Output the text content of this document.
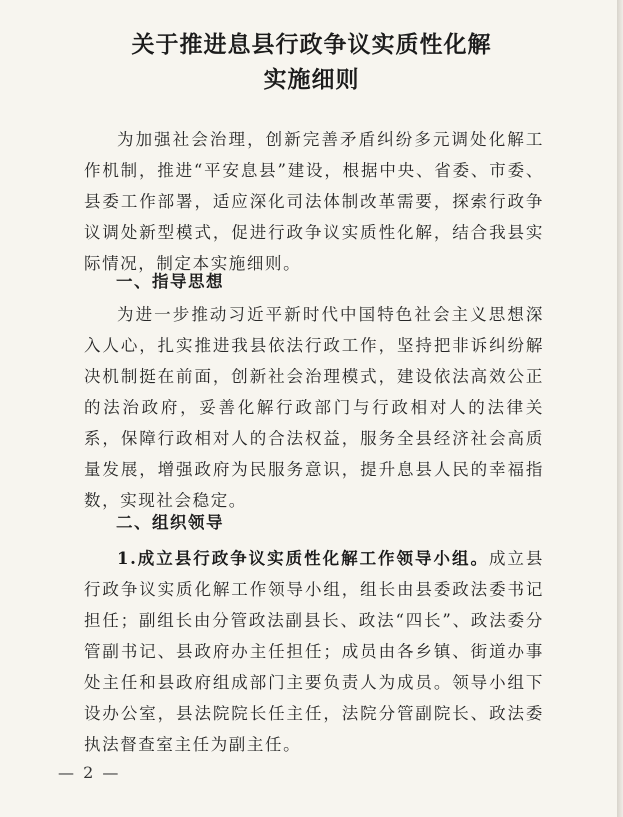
关于推进息县行政争议实质性化解
实施细则

为加强社会治理，创新完善矛盾纠纷多元调处化解工作机制，推进“平安息县”建设，根据中央、省委、市委、县委工作部署，适应深化司法体制改革需要，探索行政争议调处新型模式，促进行政争议实质性化解，结合我县实际情况，制定本实施细则。

一、指导思想

为进一步推动习近平新时代中国特色社会主义思想深入人心，扎实推进我县依法行政工作，坚持把非诉纠纷解决机制挺在前面，创新社会治理模式，建设依法高效公正的法治政府，妥善化解行政部门与行政相对人的法律关系，保障行政相对人的合法权益，服务全县经济社会高质量发展，增强政府为民服务意识，提升息县人民的幸福指数，实现社会稳定。

二、组织领导

1.成立县行政争议实质性化解工作领导小组。成立县行政争议实质化解工作领导小组，组长由县委政法委书记担任；副组长由分管政法副县长、政法“四长”、政法委分管副书记、县政府办主任担任；成员由各乡镇、街道办事处主任和县政府组成部门主要负责人为成员。领导小组下设办公室，县法院院长任主任，法院分管副院长、政法委执法督查室主任为副主任。

— 2 —
